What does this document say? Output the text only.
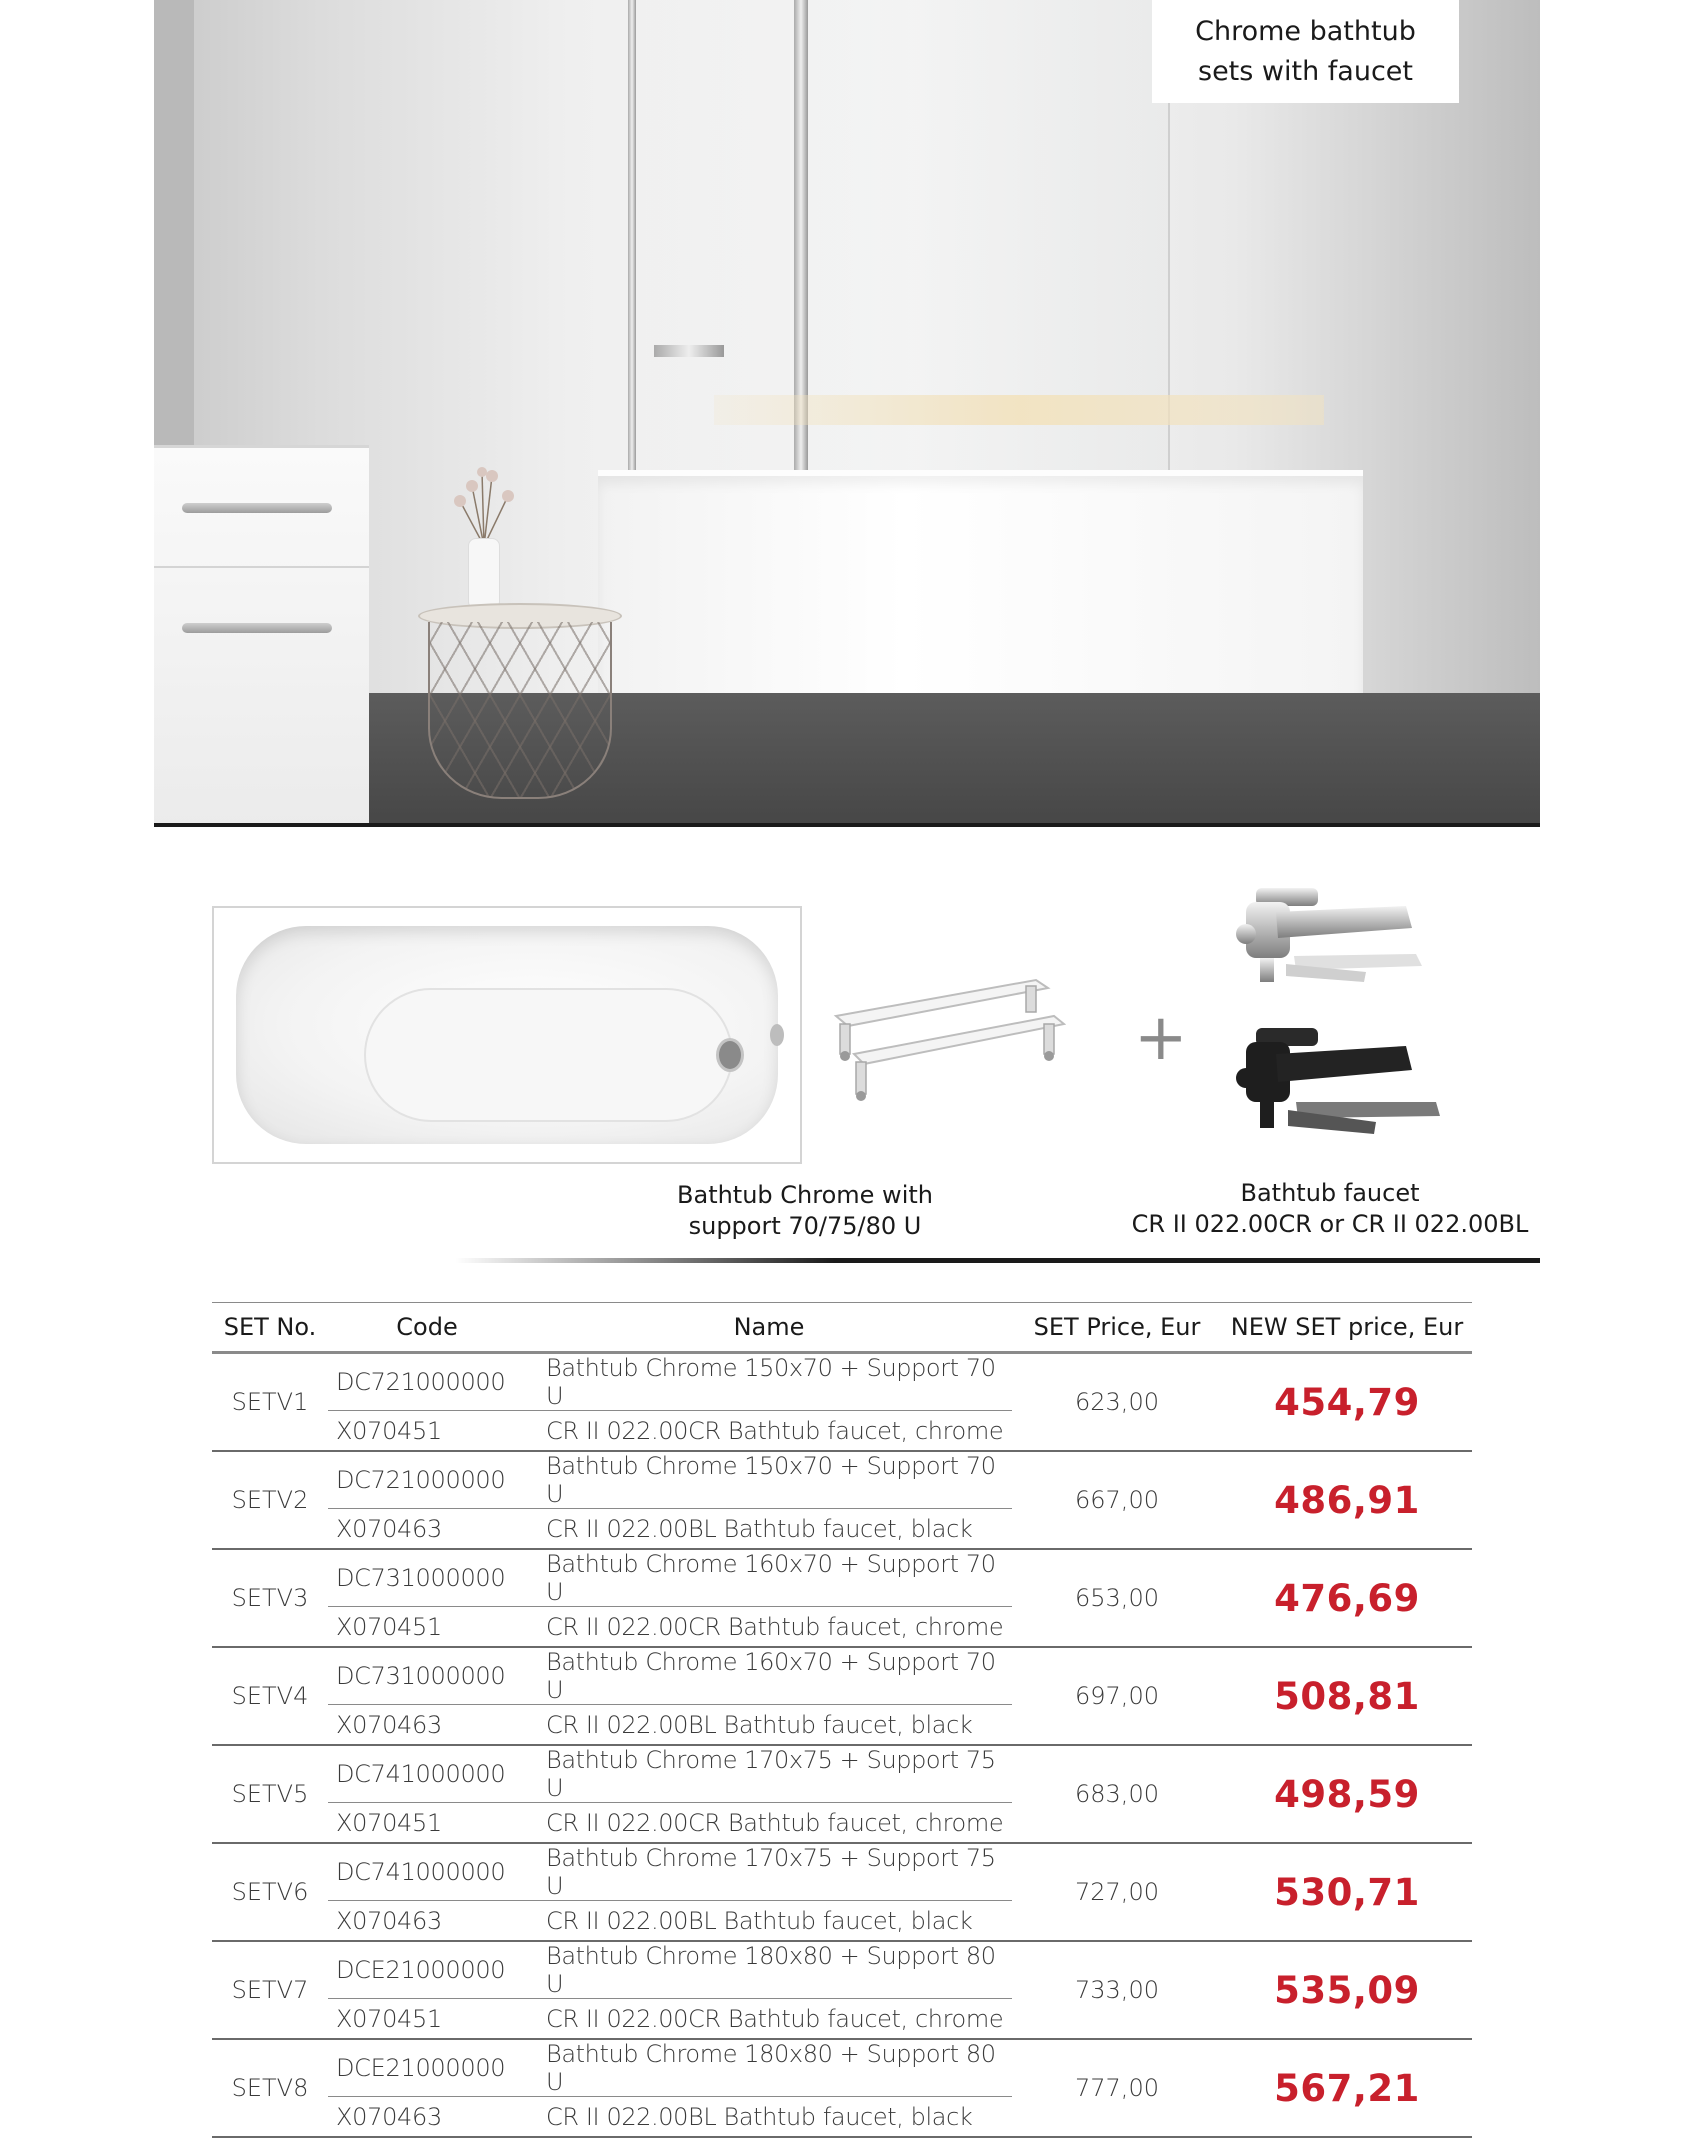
Chrome bathtub
sets with faucet
+
Bathtub Chrome with
support 70/75/80 U
Bathtub faucet
CR II 022.00CR or CR II 022.00BL
SET No.	Code	Name	SET Price, Eur	NEW SET price, Eur
SETV1	DC721000000	Bathtub Chrome 150x70 + Support 70 U	623,00	454,79
	X070451	CR II 022.00CR Bathtub faucet, chrome		
SETV2	DC721000000	Bathtub Chrome 150x70 + Support 70 U	667,00	486,91
	X070463	CR II 022.00BL Bathtub faucet, black		
SETV3	DC731000000	Bathtub Chrome 160x70 + Support 70 U	653,00	476,69
	X070451	CR II 022.00CR Bathtub faucet, chrome		
SETV4	DC731000000	Bathtub Chrome 160x70 + Support 70 U	697,00	508,81
	X070463	CR II 022.00BL Bathtub faucet, black		
SETV5	DC741000000	Bathtub Chrome 170x75 + Support 75 U	683,00	498,59
	X070451	CR II 022.00CR Bathtub faucet, chrome		
SETV6	DC741000000	Bathtub Chrome 170x75 + Support 75 U	727,00	530,71
	X070463	CR II 022.00BL Bathtub faucet, black		
SETV7	DCE21000000	Bathtub Chrome 180x80 + Support 80 U	733,00	535,09
	X070451	CR II 022.00CR Bathtub faucet, chrome		
SETV8	DCE21000000	Bathtub Chrome 180x80 + Support 80 U	777,00	567,21
	X070463	CR II 022.00BL Bathtub faucet, black		
